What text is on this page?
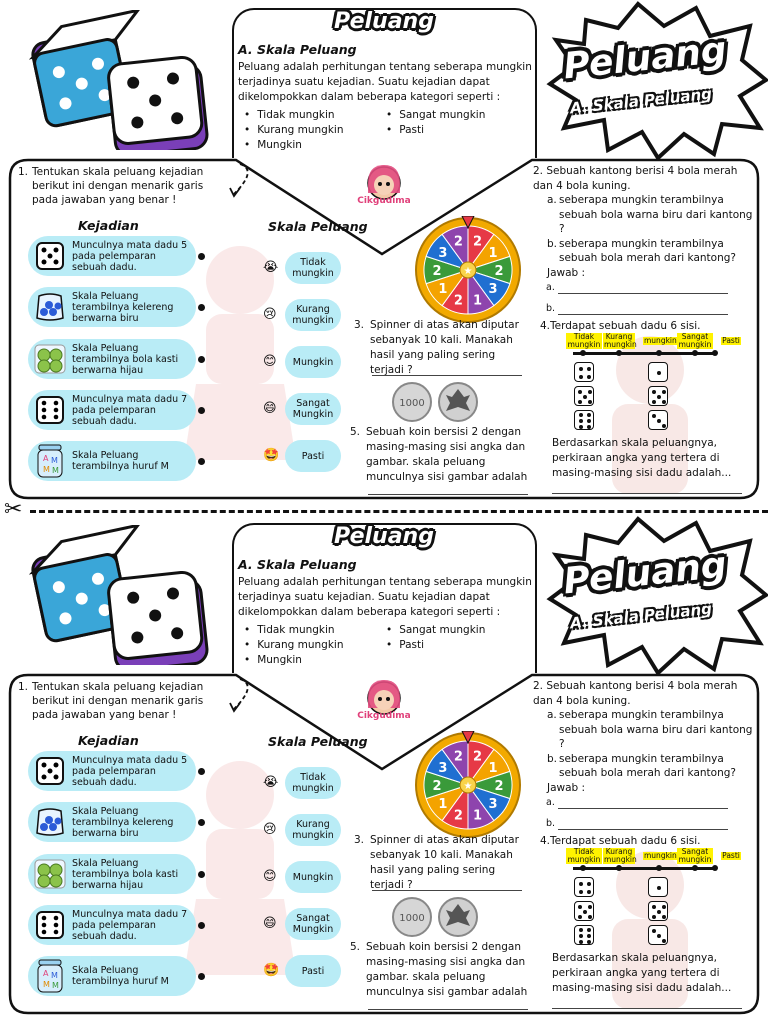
Peluang
A. Skala Peluang
Peluang adalah perhitungan tentang seberapa mungkin terjadinya suatu kejadian. Suatu kejadian dapat dikelompokkan dalam beberapa kategori seperti :
• Tidak mungkin
• Kurang mungkin
• Mungkin
• Sangat mungkin
• Pasti
Peluang
A. Skala Peluang
Cikgudima
1. Tentukan skala peluang kejadian berikut ini dengan menarik garis pada jawaban yang benar !
Kejadian	Skala Peluang
Munculnya mata dadu 5 pada pelemparan sebuah dadu.
Skala Peluang terambilnya kelereng berwarna biru
Skala Peluang terambilnya bola kasti berwarna hijau
Munculnya mata dadu 7 pada pelemparan sebuah dadu.
A M
M M
Skala Peluang terambilnya huruf M
😭
😢
😊
😄
🤩
Tidak mungkin
Kurang mungkin
Mungkin
Sangat Mungkin
Pasti
2
1
2
3
1
2
1
2
3
2
★
3. Spinner di atas akan diputar sebanyak 10 kali. Manakah hasil yang paling sering terjadi ?
1000
5. Sebuah koin bersisi 2 dengan masing-masing sisi angka dan gambar. skala peluang munculnya sisi gambar adalah
2. Sebuah kantong berisi 4 bola merah dan 4 bola kuning.
a. seberapa mungkin terambilnya sebuah bola warna biru dari kantong ?
b. seberapa mungkin terambilnya sebuah bola merah dari kantong?
Jawab :
a.
b.
4.Terdapat sebuah dadu 6 sisi.
Tidak mungkin
Kurang mungkin mungkin Sangat mungkin Pasti
Berdasarkan skala peluangnya, perkiraan angka yang tertera di masing-masing sisi dadu adalah...
Peluang
A. Skala Peluang
Peluang adalah perhitungan tentang seberapa mungkin terjadinya suatu kejadian. Suatu kejadian dapat dikelompokkan dalam beberapa kategori seperti :
• Tidak mungkin
• Kurang mungkin
• Mungkin
• Sangat mungkin
• Pasti
Peluang
A. Skala Peluang
Cikgudima
1. Tentukan skala peluang kejadian berikut ini dengan menarik garis pada jawaban yang benar !
Kejadian	Skala Peluang
Munculnya mata dadu 5 pada pelemparan sebuah dadu.
Skala Peluang terambilnya kelereng berwarna biru
Skala Peluang terambilnya bola kasti berwarna hijau
Munculnya mata dadu 7 pada pelemparan sebuah dadu.
A M
M M
Skala Peluang terambilnya huruf M
😭
😢
😊
😄
🤩
Tidak mungkin
Kurang mungkin
Mungkin
Sangat Mungkin
Pasti
2
1
2
3
1
2
1
2
3
2
★
3. Spinner di atas akan diputar sebanyak 10 kali. Manakah hasil yang paling sering terjadi ?
1000
5. Sebuah koin bersisi 2 dengan masing-masing sisi angka dan gambar. skala peluang munculnya sisi gambar adalah
2. Sebuah kantong berisi 4 bola merah dan 4 bola kuning.
a. seberapa mungkin terambilnya sebuah bola warna biru dari kantong ?
b. seberapa mungkin terambilnya sebuah bola merah dari kantong?
Jawab :
a.
b.
4.Terdapat sebuah dadu 6 sisi.
Tidak mungkin
Kurang mungkin mungkin Sangat mungkin Pasti
Berdasarkan skala peluangnya, perkiraan angka yang tertera di masing-masing sisi dadu adalah...
✂
